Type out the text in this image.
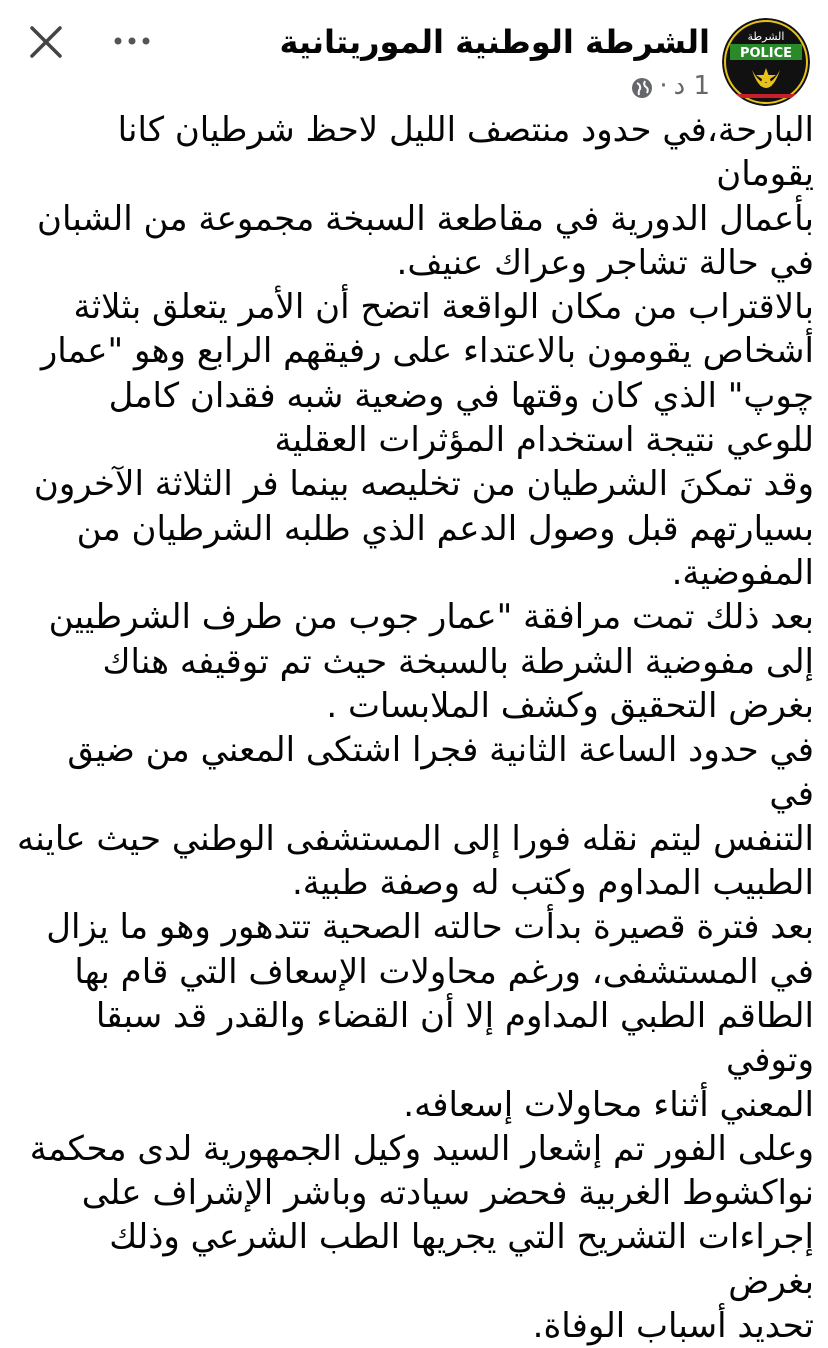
الشرطة
POLICE
الشرطة الوطنية الموريتانية
1 د
·

البارحة،في حدود منتصف الليل لاحظ شرطيان كانا يقومان
بأعمال الدورية في مقاطعة السبخة مجموعة من الشبان
في حالة تشاجر وعراك عنيف.

بالاقتراب من مكان الواقعة اتضح أن الأمر يتعلق بثلاثة
أشخاص يقومون بالاعتداء على رفيقهم الرابع وهو "عمار
چوپ" الذي كان وقتها في وضعية شبه فقدان كامل
للوعي نتيجة استخدام المؤثرات العقلية

وقد تمكنَ الشرطيان من تخليصه بينما فر الثلاثة الآخرون
بسيارتهم قبل وصول الدعم الذي طلبه الشرطيان من
المفوضية.

بعد ذلك تمت مرافقة "عمار جوب من طرف الشرطيين
إلى مفوضية الشرطة بالسبخة حيث تم توقيفه هناك
بغرض التحقيق وكشف الملابسات .

في حدود الساعة الثانية فجرا اشتكى المعني من ضيق في
التنفس ليتم نقله فورا إلى المستشفى الوطني حيث عاينه
الطبيب المداوم وكتب له وصفة طبية.

بعد فترة قصيرة بدأت حالته الصحية تتدهور وهو ما يزال
في المستشفى، ورغم محاولات الإسعاف التي قام بها
الطاقم الطبي المداوم إلا أن القضاء والقدر قد سبقا وتوفي
المعني أثناء محاولات إسعافه.

وعلى الفور تم إشعار السيد وكيل الجمهورية لدى محكمة
نواكشوط الغربية فحضر سيادته وباشر الإشراف على
إجراءات التشريح التي يجريها الطب الشرعي وذلك بغرض
تحديد أسباب الوفاة.
